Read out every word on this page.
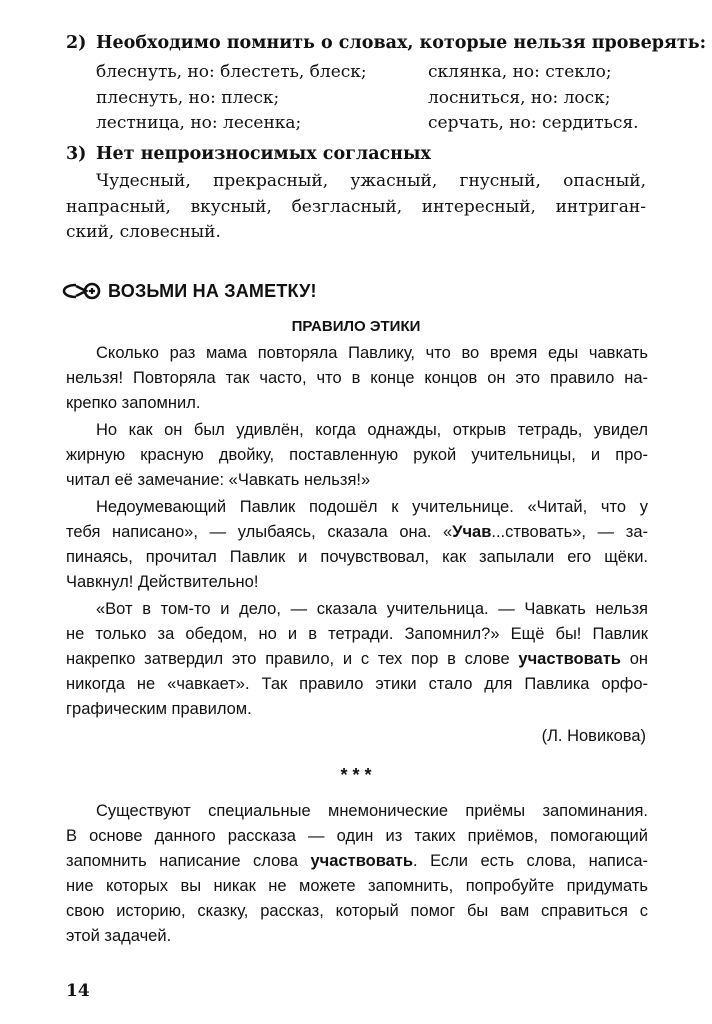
2) Необходимо помнить о словах, которые нельзя проверять:
блеснуть, но: блестеть, блеск;
плеснуть, но: плеск;
лестница, но: лесенка;
склянка, но: стекло;
лосниться, но: лоск;
серчать, но: сердиться.
3) Нет непроизносимых согласных
Чудесный, прекрасный, ужасный, гнусный, опасный,
напрасный, вкусный, безгласный, интересный, интриган-
ский, словесный.
ВОЗЬМИ НА ЗАМЕТКУ!
ПРАВИЛО ЭТИКИ
Сколько раз мама повторяла Павлику, что во время еды чавкать
нельзя! Повторяла так часто, что в конце концов он это правило на-
крепко запомнил.
Но как он был удивлён, когда однажды, открыв тетрадь, увидел
жирную красную двойку, поставленную рукой учительницы, и про-
читал её замечание: «Чавкать нельзя!»
Недоумевающий Павлик подошёл к учительнице. «Читай, что у
тебя написано», — улыбаясь, сказала она. «Учав...ствовать», — за-
пинаясь, прочитал Павлик и почувствовал, как запылали его щёки.
Чавкнул! Действительно!
«Вот в том-то и дело, — сказала учительница. — Чавкать нельзя
не только за обедом, но и в тетради. Запомнил?» Ещё бы! Павлик
накрепко затвердил это правило, и с тех пор в слове участвовать он
никогда не «чавкает». Так правило этики стало для Павлика орфо-
графическим правилом.
(Л. Новикова)
* * *
Существуют специальные мнемонические приёмы запоминания.
В основе данного рассказа — один из таких приёмов, помогающий
запомнить написание слова участвовать. Если есть слова, написа-
ние которых вы никак не можете запомнить, попробуйте придумать
свою историю, сказку, рассказ, который помог бы вам справиться с
этой задачей.
14
